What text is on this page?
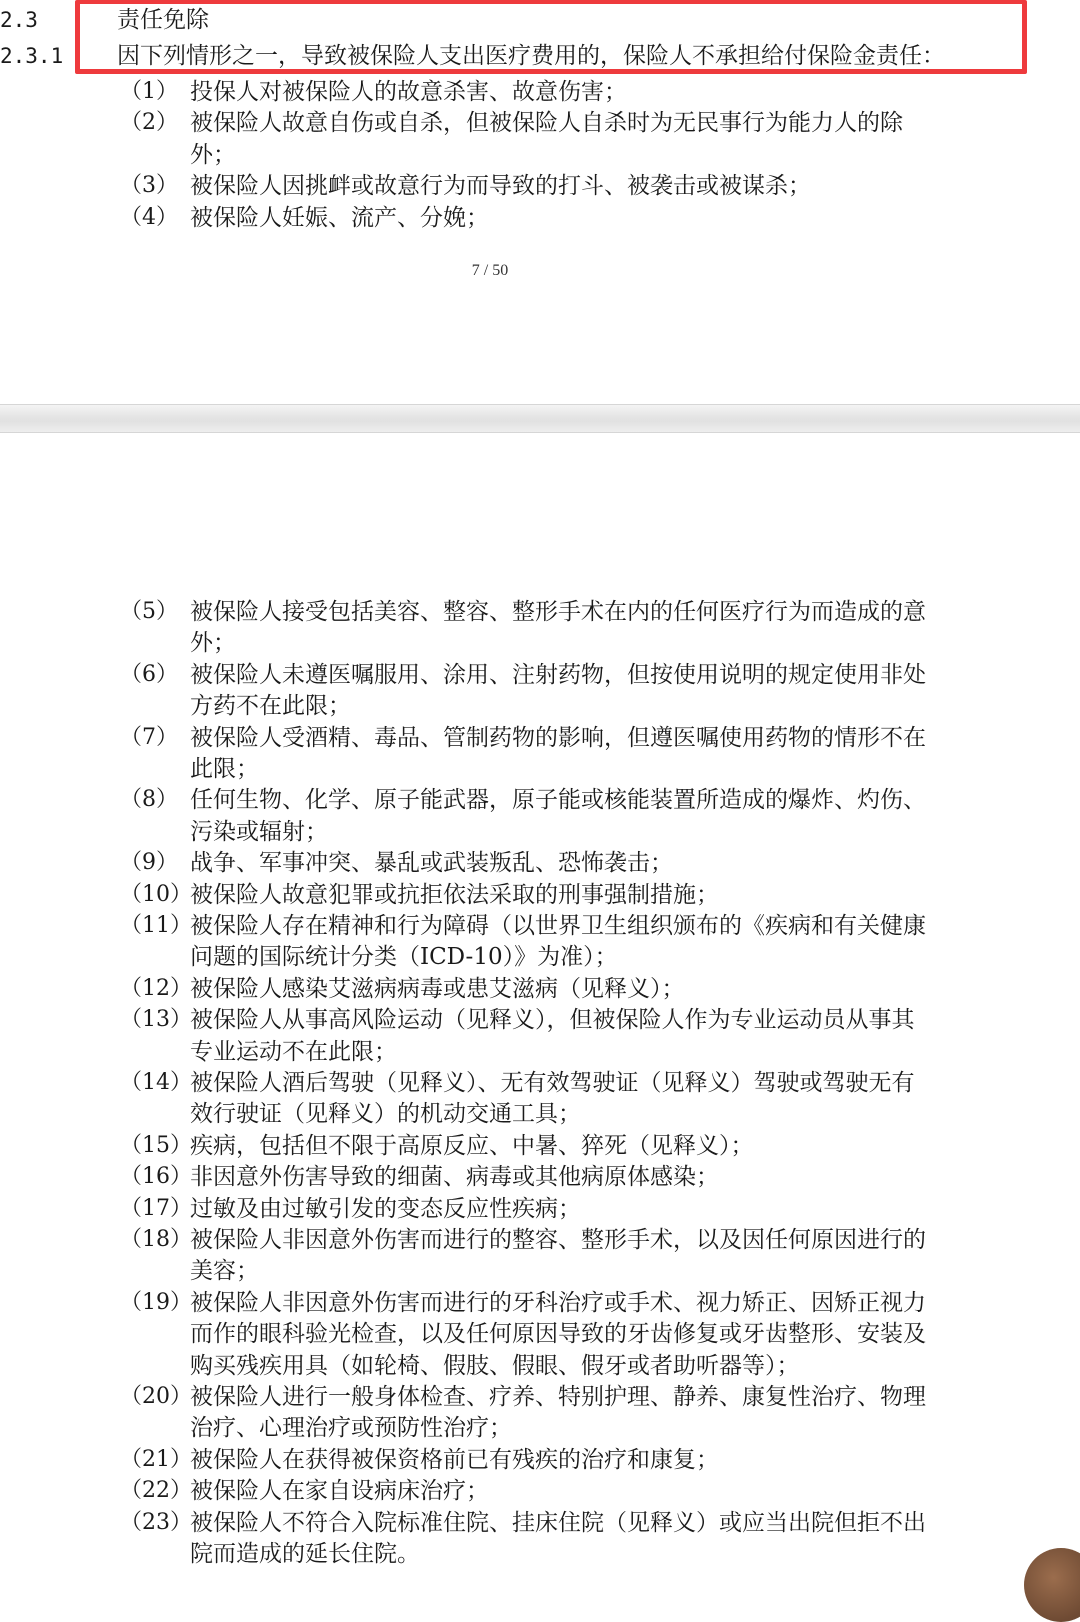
2.3	责任免除
2.3.1 因下列情形之一，导致被保险人支出医疗费用的，保险人不承担给付保险金责任：
（1） 投保人对被保险人的故意杀害、故意伤害；
（2） 被保险人故意自伤或自杀，但被保险人自杀时为无民事行为能力人的除
外；
（3） 被保险人因挑衅或故意行为而导致的打斗、被袭击或被谋杀；
（4） 被保险人妊娠、流产、分娩；
7 / 50
（5） 被保险人接受包括美容、整容、整形手术在内的任何医疗行为而造成的意
外；
（6） 被保险人未遵医嘱服用、涂用、注射药物，但按使用说明的规定使用非处
方药不在此限；
（7） 被保险人受酒精、毒品、管制药物的影响，但遵医嘱使用药物的情形不在
此限；
（8） 任何生物、化学、原子能武器，原子能或核能装置所造成的爆炸、灼伤、
污染或辐射；
（9） 战争、军事冲突、暴乱或武装叛乱、恐怖袭击；
（10）
被保险人故意犯罪或抗拒依法采取的刑事强制措施；
（11）
被保险人存在精神和行为障碍（以世界卫生组织颁布的《疾病和有关健康
问题的国际统计分类（ICD-10）》为准）；
（12）
被保险人感染艾滋病病毒或患艾滋病（见释义）；
（13）
被保险人从事高风险运动（见释义），但被保险人作为专业运动员从事其
专业运动不在此限；
（14）
被保险人酒后驾驶（见释义）、无有效驾驶证（见释义）驾驶或驾驶无有
效行驶证（见释义）的机动交通工具；
（15）
疾病，包括但不限于高原反应、中暑、猝死（见释义）；
（16）
非因意外伤害导致的细菌、病毒或其他病原体感染；
（17）
过敏及由过敏引发的变态反应性疾病；
（18）
被保险人非因意外伤害而进行的整容、整形手术，以及因任何原因进行的
美容；
（19）
被保险人非因意外伤害而进行的牙科治疗或手术、视力矫正、因矫正视力
而作的眼科验光检查，以及任何原因导致的牙齿修复或牙齿整形、安装及
购买残疾用具（如轮椅、假肢、假眼、假牙或者助听器等）；
（20）
被保险人进行一般身体检查、疗养、特别护理、静养、康复性治疗、物理
治疗、心理治疗或预防性治疗；
（21）
被保险人在获得被保资格前已有残疾的治疗和康复；
（22）
被保险人在家自设病床治疗；
（23）
被保险人不符合入院标准住院、挂床住院（见释义）或应当出院但拒不出
院而造成的延长住院。
